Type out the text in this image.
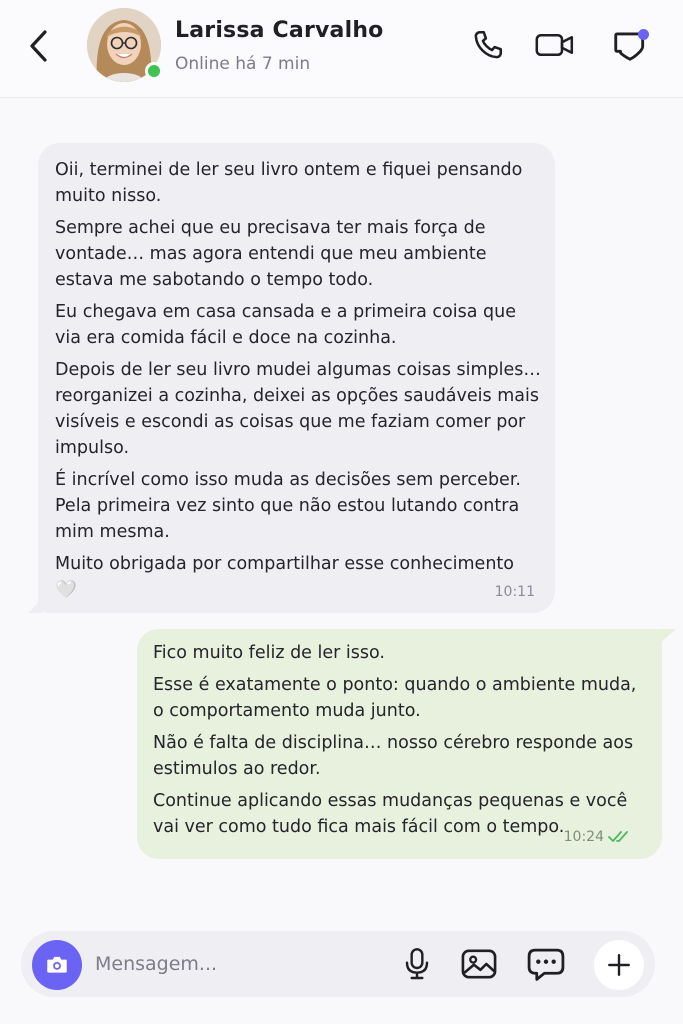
Larissa Carvalho
Online há 7 min

Oii, terminei de ler seu livro ontem e fiquei pensando muito nisso.

Sempre achei que eu precisava ter mais força de vontade… mas agora entendi que meu ambiente estava me sabotando o tempo todo.

Eu chegava em casa cansada e a primeira coisa que via era comida fácil e doce na cozinha.

Depois de ler seu livro mudei algumas coisas simples… reorganizei a cozinha, deixei as opções saudáveis mais visíveis e escondi as coisas que me faziam comer por impulso.

É incrível como isso muda as decisões sem perceber. Pela primeira vez sinto que não estou lutando contra mim mesma.

Muito obrigada por compartilhar esse conhecimento 🤍	10:11

Fico muito feliz de ler isso.

Esse é exatamente o ponto: quando o ambiente muda, o comportamento muda junto.

Não é falta de disciplina… nosso cérebro responde aos estimulos ao redor.

Continue aplicando essas mudanças pequenas e você vai ver como tudo fica mais fácil com o tempo. 10:24
Mensagem...
